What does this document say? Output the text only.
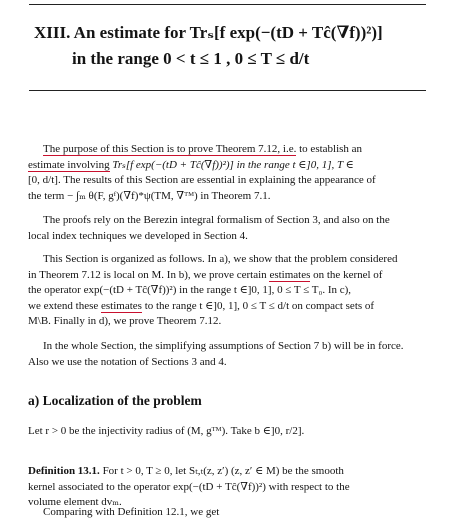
XIII. An estimate for Trₛ[f exp(−(tD + Tĉ(∇f))²)]
in the range 0 < t ≤ 1 , 0 ≤ T ≤ d/t
The purpose of this Section is to prove Theorem 7.12, i.e. to establish an
estimate involving Trₛ[f exp(−(tD + Tĉ(∇f))²)] in the range t ∈]0, 1], T ∈
[0, d/t]. The results of this Section are essential in explaining the appearance of
the term − ∫ₘ θ(F, gᶠ)(∇f)*ψ(TM, ∇ᵀᴹ) in Theorem 7.1.
The proofs rely on the Berezin integral formalism of Section 3, and also on the
local index techniques we developed in Section 4.
This Section is organized as follows. In a), we show that the problem considered
in Theorem 7.12 is local on M. In b), we prove certain estimates on the kernel of
the operator exp(−(tD + Tĉ(∇f))²) in the range t ∈]0, 1], 0 ≤ T ≤ T₀. In c),
we extend these estimates to the range t ∈]0, 1], 0 ≤ T ≤ d/t on compact sets of
M\B. Finally in d), we prove Theorem 7.12.
In the whole Section, the simplifying assumptions of Section 7 b) will be in force.
Also we use the notation of Sections 3 and 4.
a) Localization of the problem
Let r > 0 be the injectivity radius of (M, gᵀᴹ). Take b ∈]0, r/2].
Definition 13.1. For t > 0, T ≥ 0, let Sₜ,ₜ(z, z′) (z, z′ ∈ M) be the smooth
kernel associated to the operator exp(−(tD + Tĉ(∇f))²) with respect to the
volume element dvₘ.
Comparing with Definition 12.1, we get
